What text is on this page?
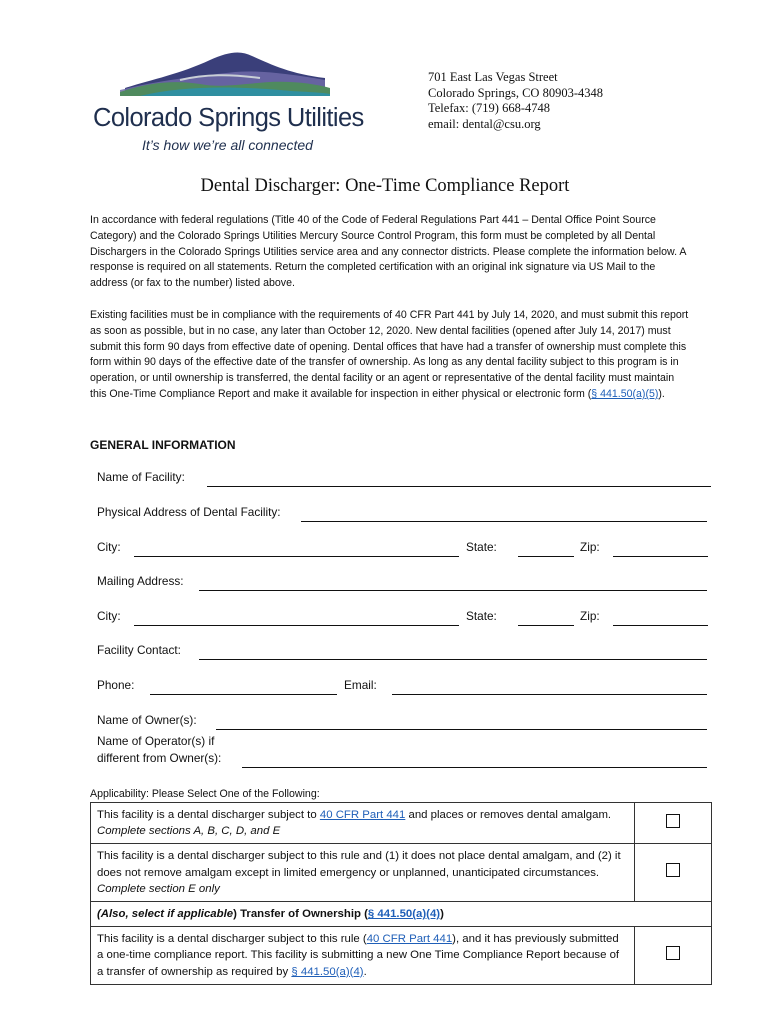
Colorado Springs Utilities
It’s how we’re all connected
701 East Las Vegas Street
Colorado Springs, CO 80903-4348
Telefax: (719) 668-4748
email: dental@csu.org
Dental Discharger: One-Time Compliance Report
In accordance with federal regulations (Title 40 of the Code of Federal Regulations Part 441 – Dental Office Point Source Category) and the Colorado Springs Utilities Mercury Source Control Program, this form must be completed by all Dental Dischargers in the Colorado Springs Utilities service area and any connector districts. Please complete the information below. A response is required on all statements. Return the completed certification with an original ink signature via US Mail to the address (or fax to the number) listed above.
Existing facilities must be in compliance with the requirements of 40 CFR Part 441 by July 14, 2020, and must submit this report as soon as possible, but in no case, any later than October 12, 2020. New dental facilities (opened after July 14, 2017) must submit this form 90 days from effective date of opening. Dental offices that have had a transfer of ownership must complete this form within 90 days of the effective date of the transfer of ownership. As long as any dental facility subject to this program is in operation, or until ownership is transferred, the dental facility or an agent or representative of the dental facility must maintain this One-Time Compliance Report and make it available for inspection in either physical or electronic form (§ 441.50(a)(5)).
GENERAL INFORMATION
Name of Facility:
Physical Address of Dental Facility:
City:	State:	Zip:
Mailing Address:
City:	State:	Zip:
Facility Contact:
Phone:	Email:
Name of Owner(s):
Name of Operator(s) if
different from Owner(s):
Applicability: Please Select One of the Following:
This facility is a dental discharger subject to 40 CFR Part 441 and places or removes dental amalgam. Complete sections A, B, C, D, and E	
This facility is a dental discharger subject to this rule and (1) it does not place dental amalgam, and (2) it does not remove amalgam except in limited emergency or unplanned, unanticipated circumstances. Complete section E only	
(Also, select if applicable) Transfer of Ownership (§ 441.50(a)(4))	
This facility is a dental discharger subject to this rule (40 CFR Part 441), and it has previously submitted a one-time compliance report. This facility is submitting a new One Time Compliance Report because of a transfer of ownership as required by § 441.50(a)(4).	
